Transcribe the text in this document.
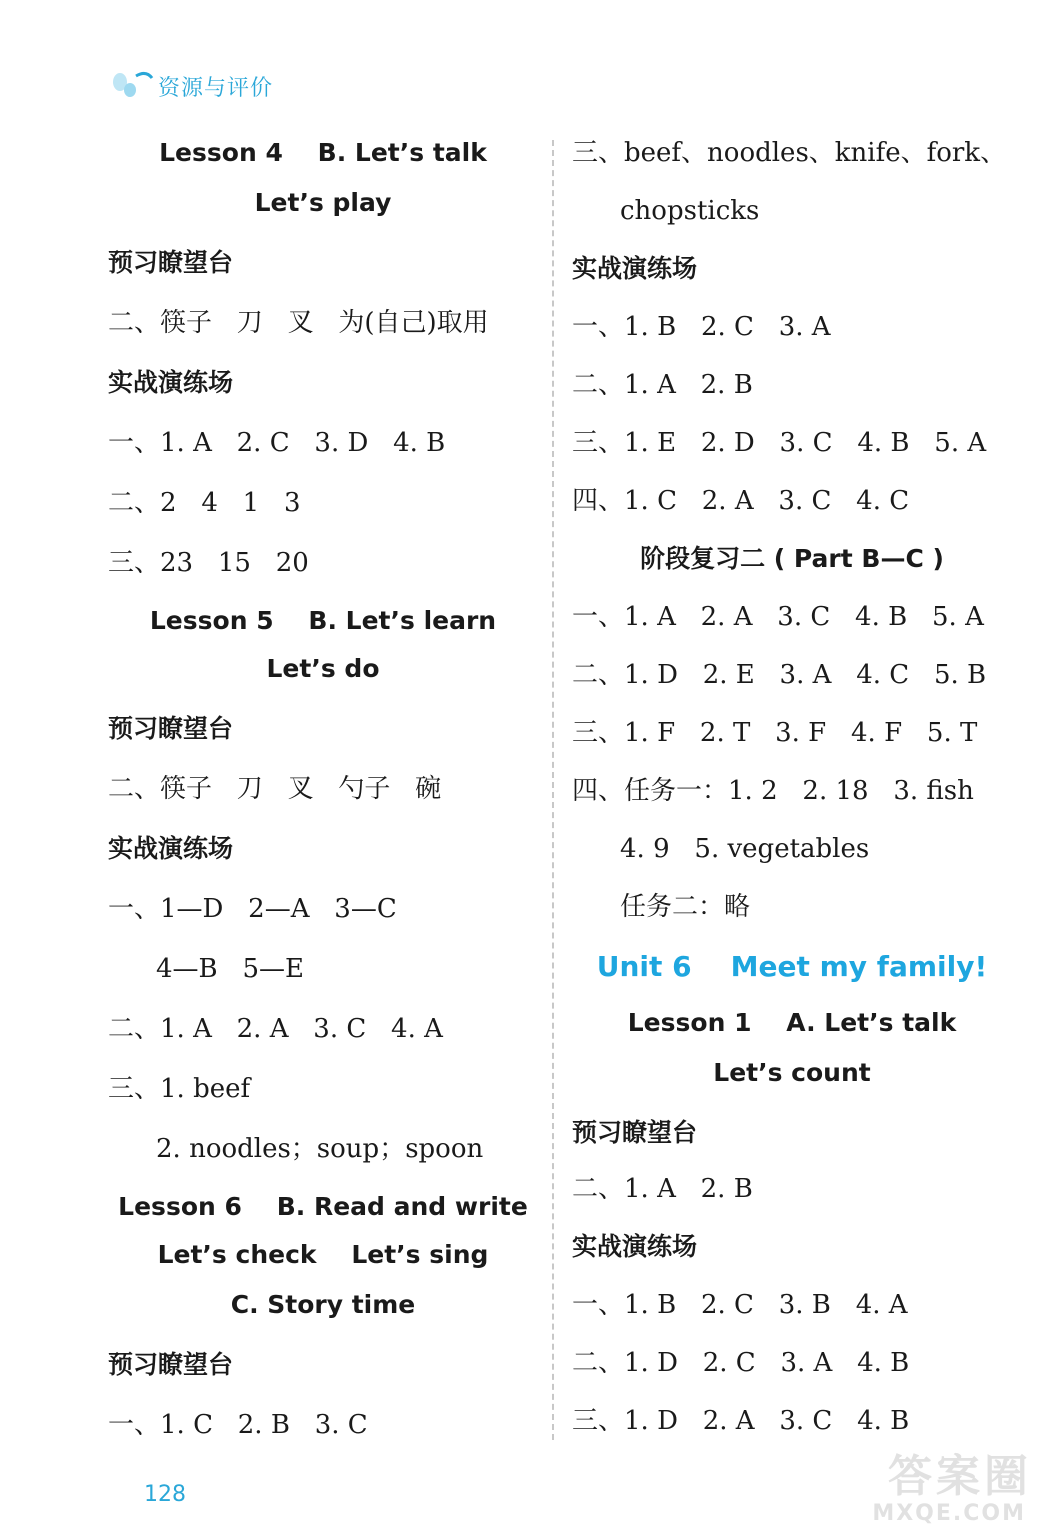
资源与评价
Lesson 4    B. Let’s talk
Let’s play
预习瞭望台
二、筷子   刀   叉   为(自己)取用
实战演练场
一、1. A   2. C   3. D   4. B
二、2   4   1   3
三、23   15   20
Lesson 5    B. Let’s learn
Let’s do
预习瞭望台
二、筷子   刀   叉   勺子   碗
实战演练场
一、1—D   2—A   3—C
4—B   5—E
二、1. A   2. A   3. C   4. A
三、1. beef
2. noodles；soup；spoon
Lesson 6    B. Read and write
Let’s check    Let’s sing
C. Story time
预习瞭望台
一、1. C   2. B   3. C
三、beef、noodles、knife、fork、
chopsticks
实战演练场
一、1. B   2. C   3. A
二、1. A   2. B
三、1. E   2. D   3. C   4. B   5. A
四、1. C   2. A   3. C   4. C
阶段复习二 ( Part B—C )
一、1. A   2. A   3. C   4. B   5. A
二、1. D   2. E   3. A   4. C   5. B
三、1. F   2. T   3. F   4. F   5. T
四、任务一：1. 2   2. 18   3. fish
4. 9   5. vegetables
任务二：略
Unit 6    Meet my family!
Lesson 1    A. Let’s talk
Let’s count
预习瞭望台
二、1. A   2. B
实战演练场
一、1. B   2. C   3. B   4. A
二、1. D   2. C   3. A   4. B
三、1. D   2. A   3. C   4. B
128	答案圈
MXQE.COM
